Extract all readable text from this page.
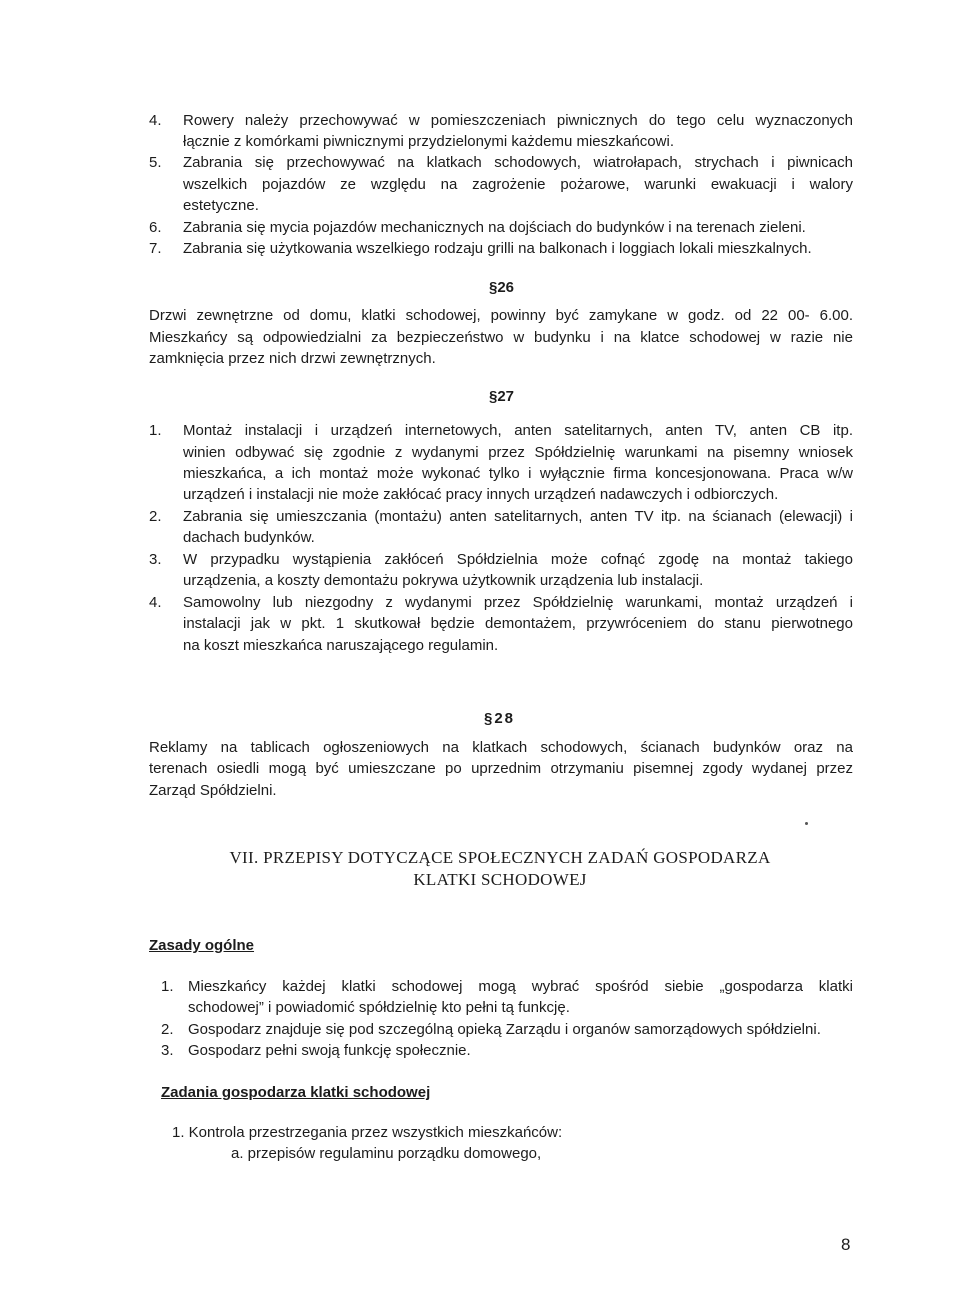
4. Rowery należy przechowywać w pomieszczeniach piwnicznych do tego celu wyznaczonych
łącznie z komórkami piwnicznymi przydzielonymi każdemu mieszkańcowi.
5. Zabrania się przechowywać na klatkach schodowych, wiatrołapach, strychach i piwnicach
wszelkich pojazdów ze względu na zagrożenie pożarowe, warunki ewakuacji i walory
estetyczne.
6. Zabrania się mycia pojazdów mechanicznych na dojściach do budynków i na terenach zieleni.
7. Zabrania się użytkowania wszelkiego rodzaju grilli na balkonach i loggiach lokali mieszkalnych.
§26
Drzwi zewnętrzne od domu, klatki schodowej, powinny być zamykane w godz. od 22 00- 6.00.
Mieszkańcy są odpowiedzialni za bezpieczeństwo w budynku i na klatce schodowej w razie nie
zamknięcia przez nich drzwi zewnętrznych.
§27
1. Montaż instalacji i urządzeń internetowych, anten satelitarnych, anten TV, anten CB itp.
winien odbywać się zgodnie z wydanymi przez Spółdzielnię warunkami na pisemny wniosek
mieszkańca, a ich montaż może wykonać tylko i wyłącznie firma koncesjonowana. Praca w/w
urządzeń i instalacji nie może zakłócać pracy innych urządzeń nadawczych i odbiorczych.
2. Zabrania się umieszczania (montażu) anten satelitarnych, anten TV itp. na ścianach (elewacji) i
dachach budynków.
3. W przypadku wystąpienia zakłóceń Spółdzielnia może cofnąć zgodę na montaż takiego
urządzenia, a koszty demontażu pokrywa użytkownik urządzenia lub instalacji.
4. Samowolny lub niezgodny z wydanymi przez Spółdzielnię warunkami, montaż urządzeń i
instalacji jak w pkt. 1 skutkował będzie demontażem, przywróceniem do stanu pierwotnego
na koszt mieszkańca naruszającego regulamin.
§28
Reklamy na tablicach ogłoszeniowych na klatkach schodowych, ścianach budynków oraz na
terenach osiedli mogą być umieszczane po uprzednim otrzymaniu pisemnej zgody wydanej przez
Zarząd Spółdzielni.
VII. PRZEPISY DOTYCZĄCE SPOŁECZNYCH ZADAŃ GOSPODARZA
KLATKI SCHODOWEJ
Zasady ogólne
1. Mieszkańcy każdej klatki schodowej mogą wybrać spośród siebie „gospodarza klatki
schodowej” i powiadomić spółdzielnię kto pełni tą funkcję.
2. Gospodarz znajduje się pod szczególną opieką Zarządu i organów samorządowych spółdzielni.
3. Gospodarz pełni swoją funkcję społecznie.
Zadania gospodarza klatki schodowej
1. Kontrola przestrzegania przez wszystkich mieszkańców:
a. przepisów regulaminu porządku domowego,
8
